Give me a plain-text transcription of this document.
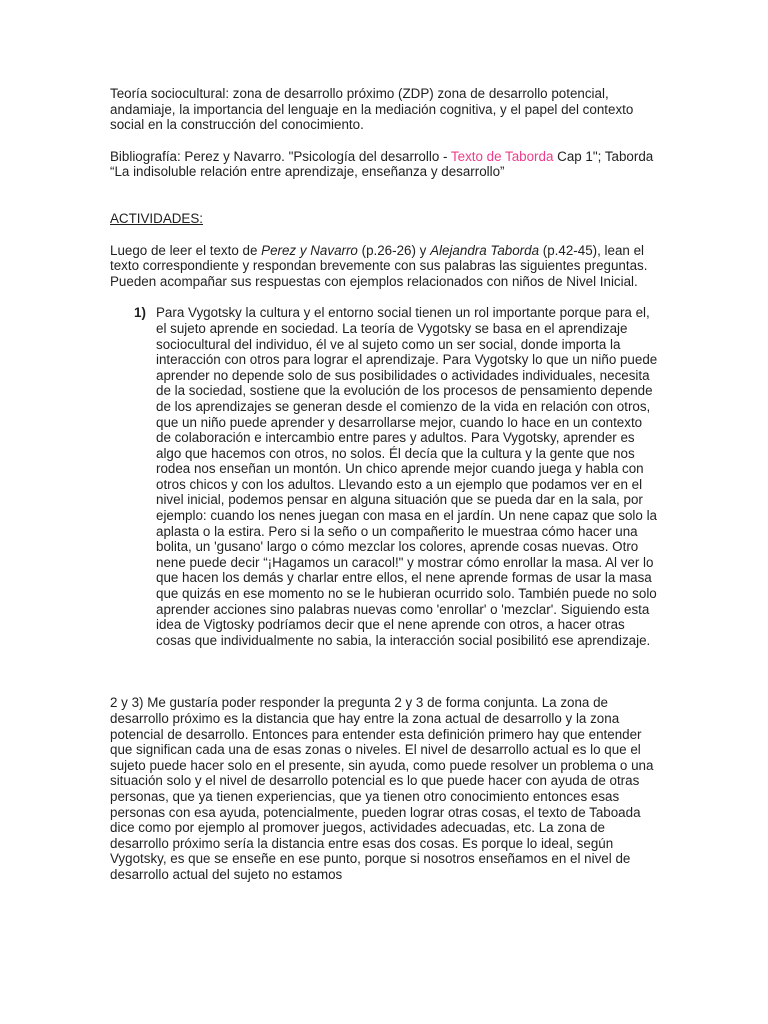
Teoría sociocultural: zona de desarrollo próximo (ZDP) zona de desarrollo potencial, andamiaje, la importancia del lenguaje en la mediación cognitiva, y el papel del contexto social en la construcción del conocimiento.

Bibliografía: Perez y Navarro. "Psicología del desarrollo - Texto de Taborda Cap 1"; Taborda “La indisoluble relación entre aprendizaje, enseñanza y desarrollo”

ACTIVIDADES:

Luego de leer el texto de Perez y Navarro (p.26-26) y Alejandra Taborda (p.42-45), lean el texto correspondiente y respondan brevemente con sus palabras las siguientes preguntas. Pueden acompañar sus respuestas con ejemplos relacionados con niños de Nivel Inicial.

1) Para Vygotsky la cultura y el entorno social tienen un rol importante porque para el, el sujeto aprende en sociedad. La teoría de Vygotsky se basa en el aprendizaje sociocultural del individuo, él ve al sujeto como un ser social, donde importa la interacción con otros para lograr el aprendizaje. Para Vygotsky lo que un niño puede aprender no depende solo de sus posibilidades o actividades individuales, necesita de la sociedad, sostiene que la evolución de los procesos de pensamiento depende de los aprendizajes se generan desde el comienzo de la vida en relación con otros, que un niño puede aprender y desarrollarse mejor, cuando lo hace en un contexto de colaboración e intercambio entre pares y adultos. Para Vygotsky, aprender es algo que hacemos con otros, no solos. Él decía que la cultura y la gente que nos rodea nos enseñan un montón. Un chico aprende mejor cuando juega y habla con otros chicos y con los adultos. Llevando esto a un ejemplo que podamos ver en el nivel inicial, podemos pensar en alguna situación que se pueda dar en la sala, por ejemplo: cuando los nenes juegan con masa en el jardín. Un nene capaz que solo la aplasta o la estira. Pero si la seño o un compañerito le muestraa cómo hacer una bolita, un 'gusano' largo o cómo mezclar los colores, aprende cosas nuevas. Otro nene puede decir “¡Hagamos un caracol!" y mostrar cómo enrollar la masa. Al ver lo que hacen los demás y charlar entre ellos, el nene aprende formas de usar la masa que quizás en ese momento no se le hubieran ocurrido solo. También puede no solo aprender acciones sino palabras nuevas como 'enrollar' o 'mezclar'. Siguiendo esta idea de Vigtosky podríamos decir que el nene aprende con otros, a hacer otras cosas que individualmente no sabia, la interacción social posibilitó ese aprendizaje.

2 y 3) Me gustaría poder responder la pregunta 2 y 3 de forma conjunta. La zona de desarrollo próximo es la distancia que hay entre la zona actual de desarrollo y la zona potencial de desarrollo. Entonces para entender esta definición primero hay que entender que significan cada una de esas zonas o niveles. El nivel de desarrollo actual es lo que el sujeto puede hacer solo en el presente, sin ayuda, como puede resolver un problema o una situación solo y el nivel de desarrollo potencial es lo que puede hacer con ayuda de otras personas, que ya tienen experiencias, que ya tienen otro conocimiento entonces esas personas con esa ayuda, potencialmente, pueden lograr otras cosas, el texto de Taboada dice como por ejemplo al promover juegos, actividades adecuadas, etc. La zona de desarrollo próximo sería la distancia entre esas dos cosas. Es porque lo ideal, según Vygotsky, es que se enseñe en ese punto, porque si nosotros enseñamos en el nivel de desarrollo actual del sujeto no estamos
